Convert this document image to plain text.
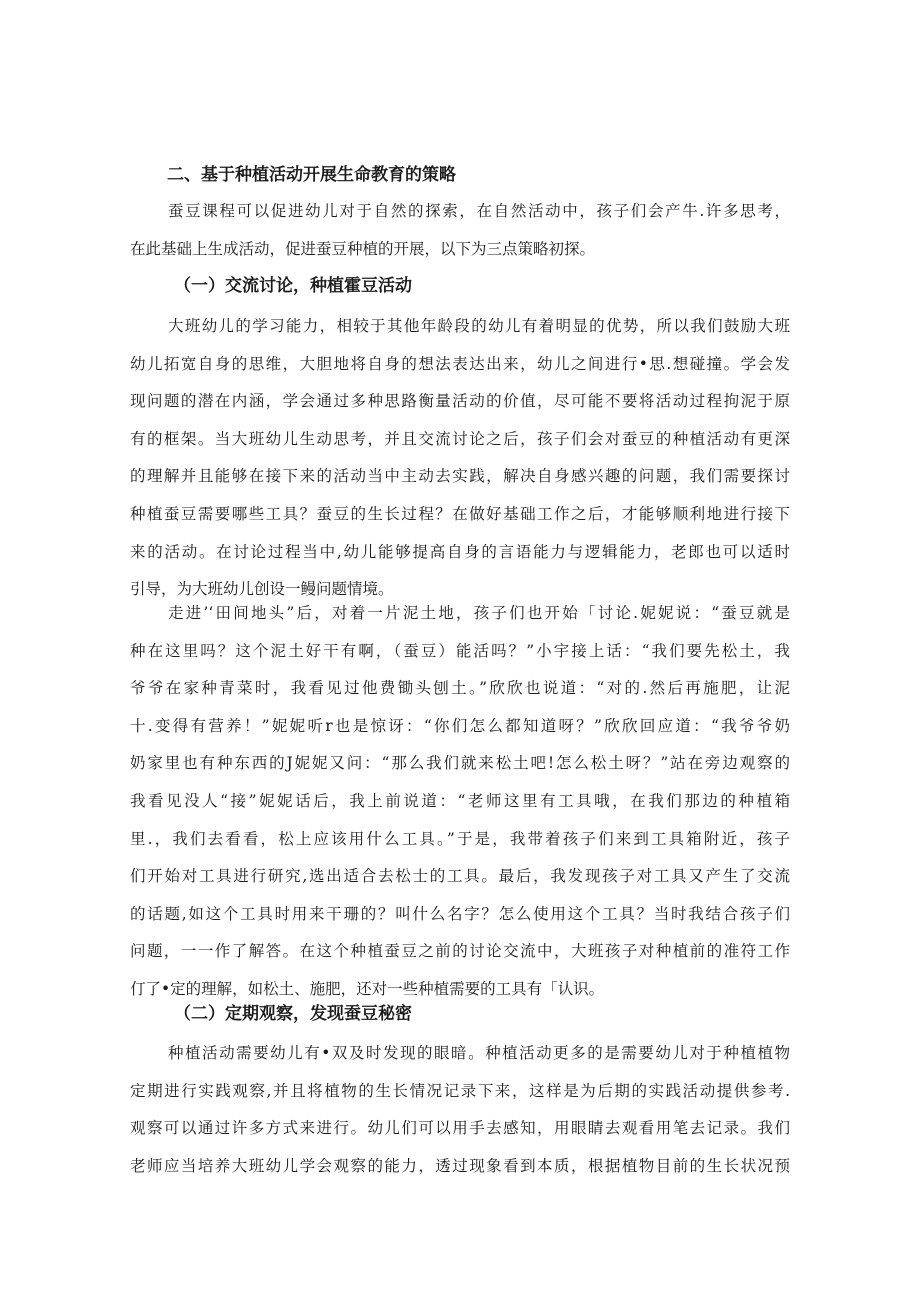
二、基于种植活动开展生命教育的策略
蚕豆课程可以促进幼儿对于自然的探索，在自然活动中，孩子们会产牛.许多思考，
在此基础上生成活动，促进蚕豆种植的开展，以下为三点策略初探。
（一）交流讨论，种植霍豆活动
大班幼儿的学习能力，相较于其他年龄段的幼儿有着明显的优势，所以我们鼓励大班
幼儿拓宽自身的思维，大胆地将自身的想法表达出来，幼儿之间进行•思.想碰撞。学会发
现问题的潜在内涵，学会通过多种思路衡量活动的价值，尽可能不要将活动过程拘泥于原
有的框架。当大班幼儿生动思考，并且交流讨论之后，孩子们会对蚕豆的种植活动有更深
的理解并且能够在接下来的活动当中主动去实践，解决自身感兴趣的问题，我们需要探讨
种植蚕豆需要哪些工具？蚕豆的生长过程？在做好基础工作之后，才能够顺利地进行接下
来的活动。在讨论过程当中,幼儿能够提高自身的言语能力与逻辑能力，老郎也可以适时
引导，为大班幼儿创设一鳗问题情境。
走进’‘田间地头”后，对着一片泥土地，孩子们也开始「讨论.妮妮说：“蚕豆就是
种在这里吗？这个泥土好干有啊，（蚕豆）能活吗？”小宇接上话：“我们要先松土，我
爷爷在家种青菜时，我看见过他费锄头刨土。”欣欣也说道：“对的.然后再施肥，让泥
十.变得有营养！”妮妮听r也是惊讶：“你们怎么都知道呀？”欣欣回应道：“我爷爷奶
奶家里也有种东西的J妮妮又问：“那么我们就来松土吧!怎么松土呀？”站在旁边观察的
我看见没人“接”妮妮话后，我上前说道：“老师这里有工具哦，在我们那边的种植箱
里.，我们去看看，松上应该用什么工具。”于是，我带着孩子们来到工具箱附近，孩子
们开始对工具进行研究,选出适合去松士的工具。最后，我发现孩子对工具又产生了交流
的话题,如这个工具时用来干珊的？叫什么名字？怎么使用这个工具？当时我结合孩子们
问题，一一作了解答。在这个种植蚕豆之前的讨论交流中，大班孩子对种植前的准符工作
仃了•定的理解，如松土、施肥，还对一些种植需要的工具有「认识。
（二）定期观察，发现蚕豆秘密
种植活动需要幼儿有•双及时发现的眼暗。种植活动更多的是需要幼儿对于种植植物
定期进行实践观察,并且将植物的生长情况记录下来，这样是为后期的实践活动提供参考.
观察可以通过许多方式来进行。幼儿们可以用手去感知，用眼睛去观看用笔去记录。我们
老师应当培养大班幼儿学会观察的能力，透过现象看到本质，根据植物目前的生长状况预
